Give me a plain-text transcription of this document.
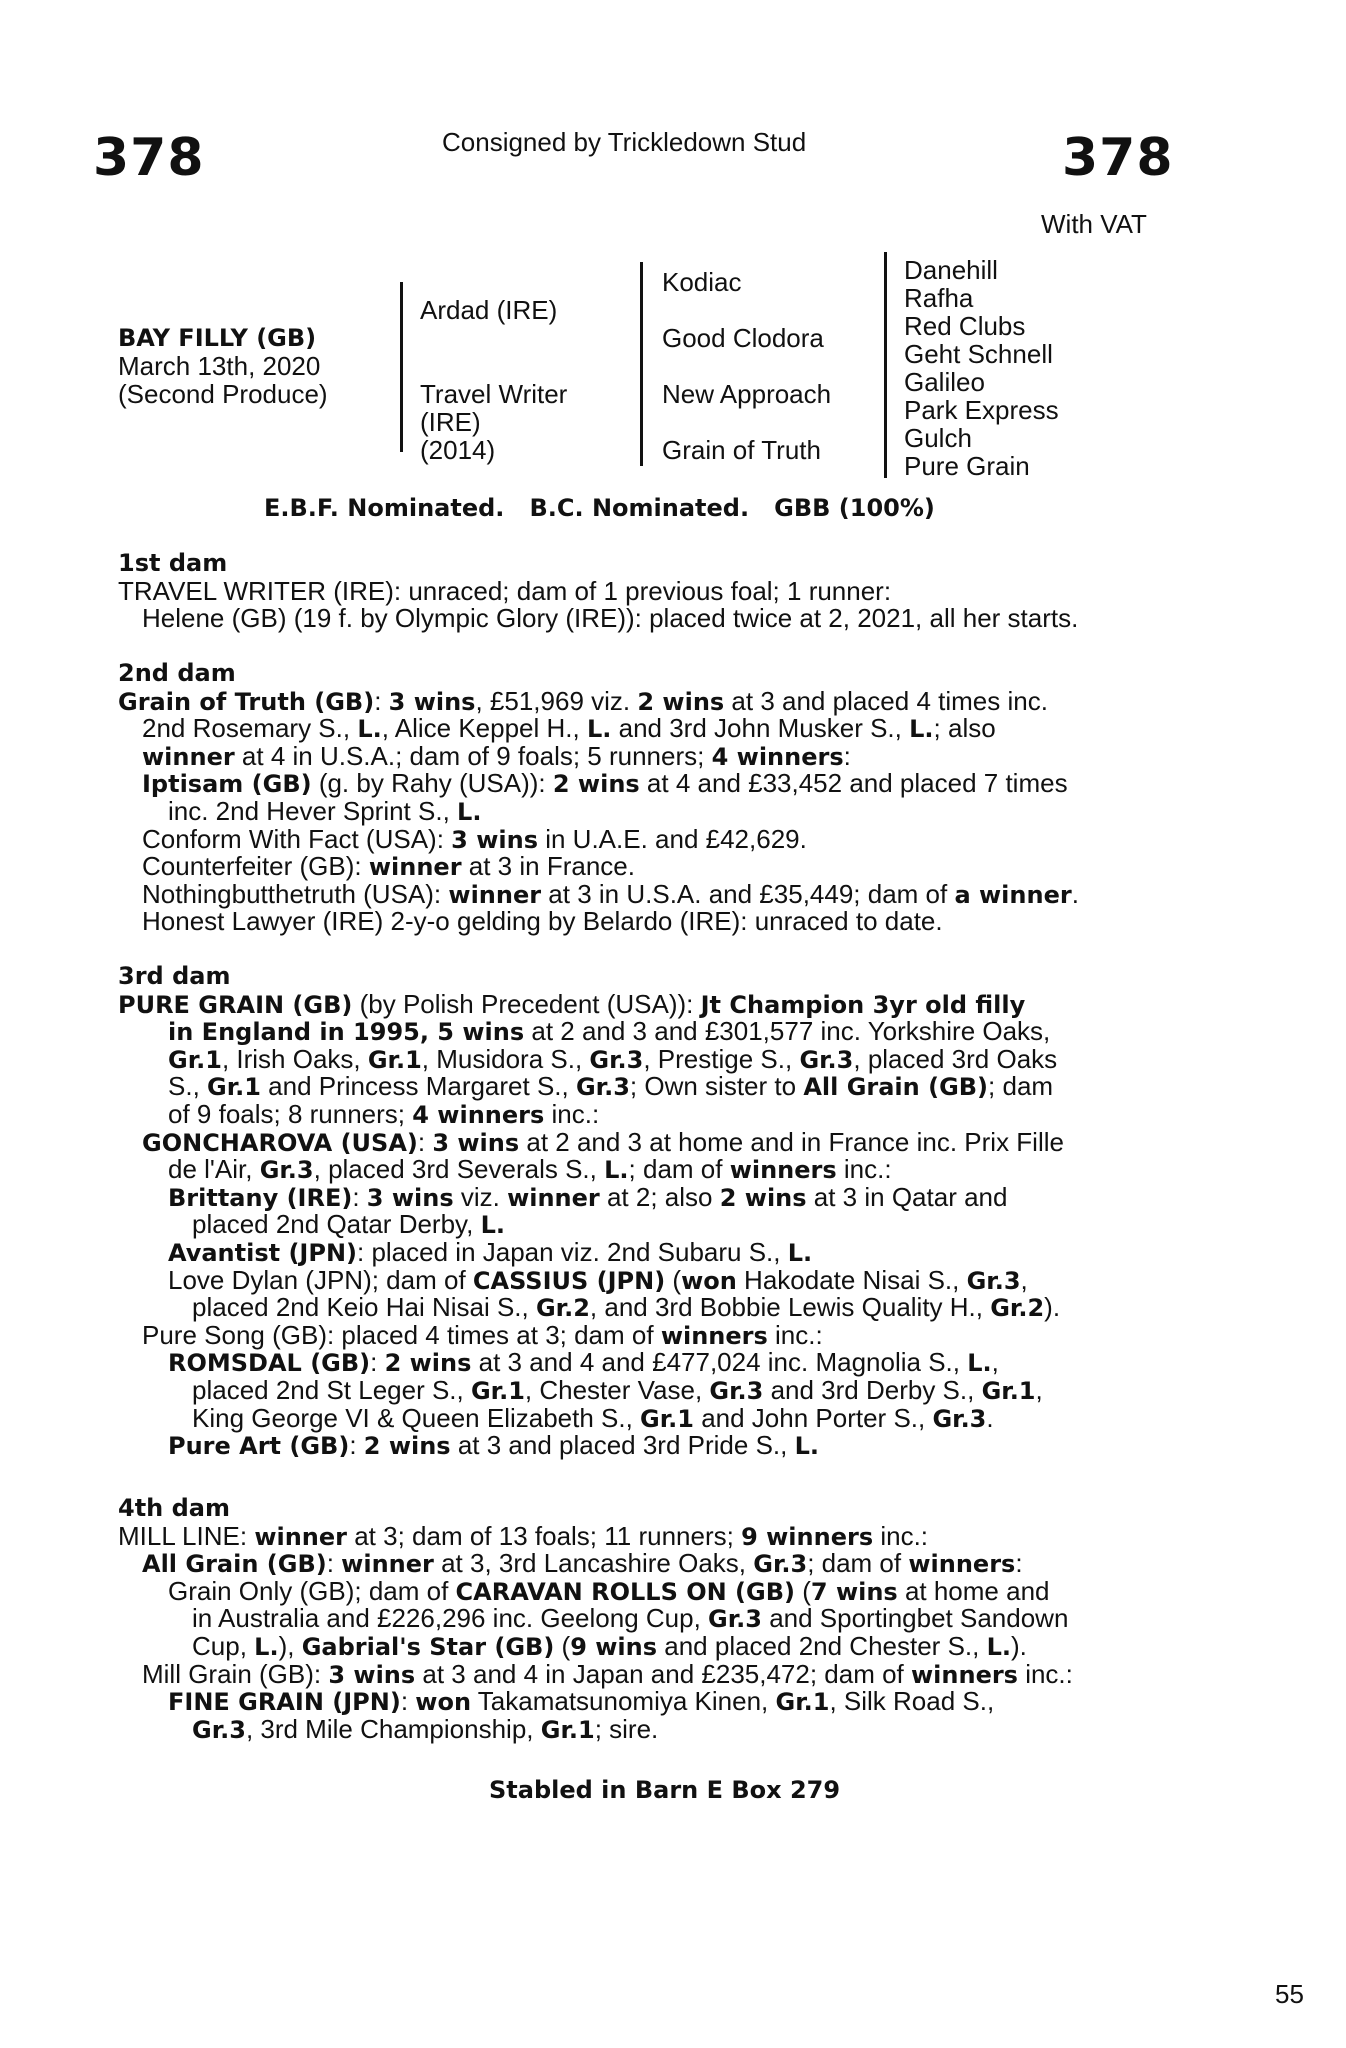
378	Consigned by Trickledown Stud	378
With VAT
BAY FILLY (GB)
March 13th, 2020
(Second Produce)
Ardad (IRE)
Travel Writer
(IRE)
(2014)
Kodiac
Good Clodora
New Approach
Grain of Truth
Danehill
Rafha
Red Clubs
Geht Schnell
Galileo
Park Express
Gulch
Pure Grain
E.B.F. Nominated.   B.C. Nominated.   GBB (100%)
1st dam
TRAVEL WRITER (IRE): unraced; dam of 1 previous foal; 1 runner:
Helene (GB) (19 f. by Olympic Glory (IRE)): placed twice at 2, 2021, all her starts.
2nd dam
Grain of Truth (GB): 3 wins, £51,969 viz. 2 wins at 3 and placed 4 times inc.
2nd Rosemary S., L., Alice Keppel H., L. and 3rd John Musker S., L.; also
winner at 4 in U.S.A.; dam of 9 foals; 5 runners; 4 winners:
Iptisam (GB) (g. by Rahy (USA)): 2 wins at 4 and £33,452 and placed 7 times
inc. 2nd Hever Sprint S., L.
Conform With Fact (USA): 3 wins in U.A.E. and £42,629.
Counterfeiter (GB): winner at 3 in France.
Nothingbutthetruth (USA): winner at 3 in U.S.A. and £35,449; dam of a winner.
Honest Lawyer (IRE) 2-y-o gelding by Belardo (IRE): unraced to date.
3rd dam
PURE GRAIN (GB) (by Polish Precedent (USA)): Jt Champion 3yr old filly
in England in 1995, 5 wins at 2 and 3 and £301,577 inc. Yorkshire Oaks,
Gr.1, Irish Oaks, Gr.1, Musidora S., Gr.3, Prestige S., Gr.3, placed 3rd Oaks
S., Gr.1 and Princess Margaret S., Gr.3; Own sister to All Grain (GB); dam
of 9 foals; 8 runners; 4 winners inc.:
GONCHAROVA (USA): 3 wins at 2 and 3 at home and in France inc. Prix Fille
de l'Air, Gr.3, placed 3rd Severals S., L.; dam of winners inc.:
Brittany (IRE): 3 wins viz. winner at 2; also 2 wins at 3 in Qatar and
placed 2nd Qatar Derby, L.
Avantist (JPN): placed in Japan viz. 2nd Subaru S., L.
Love Dylan (JPN); dam of CASSIUS (JPN) (won Hakodate Nisai S., Gr.3,
placed 2nd Keio Hai Nisai S., Gr.2, and 3rd Bobbie Lewis Quality H., Gr.2).
Pure Song (GB): placed 4 times at 3; dam of winners inc.:
ROMSDAL (GB): 2 wins at 3 and 4 and £477,024 inc. Magnolia S., L.,
placed 2nd St Leger S., Gr.1, Chester Vase, Gr.3 and 3rd Derby S., Gr.1,
King George VI & Queen Elizabeth S., Gr.1 and John Porter S., Gr.3.
Pure Art (GB): 2 wins at 3 and placed 3rd Pride S., L.
4th dam
MILL LINE: winner at 3; dam of 13 foals; 11 runners; 9 winners inc.:
All Grain (GB): winner at 3, 3rd Lancashire Oaks, Gr.3; dam of winners:
Grain Only (GB); dam of CARAVAN ROLLS ON (GB) (7 wins at home and
in Australia and £226,296 inc. Geelong Cup, Gr.3 and Sportingbet Sandown
Cup, L.), Gabrial's Star (GB) (9 wins and placed 2nd Chester S., L.).
Mill Grain (GB): 3 wins at 3 and 4 in Japan and £235,472; dam of winners inc.:
FINE GRAIN (JPN): won Takamatsunomiya Kinen, Gr.1, Silk Road S.,
Gr.3, 3rd Mile Championship, Gr.1; sire.
Stabled in Barn E Box 279
55
